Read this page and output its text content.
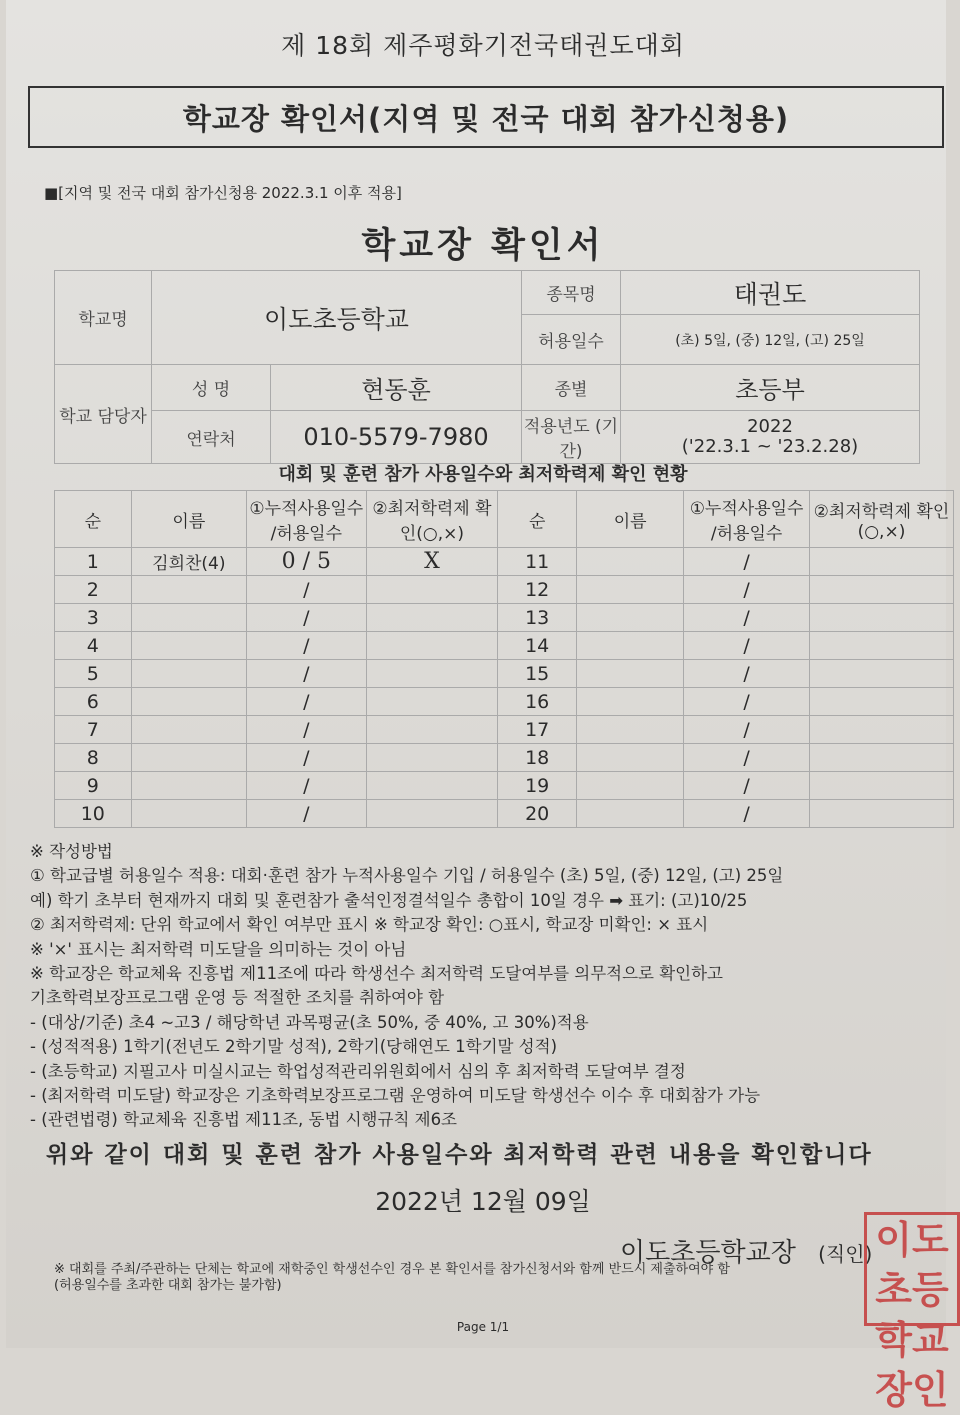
제 18회 제주평화기전국태권도대회
학교장 확인서(지역 및 전국 대회 참가신청용)
■[지역 및 전국 대회 참가신청용 2022.3.1 이후 적용]
학교장 확인서
학교명	이도초등학교		종목명	태권도
			허용일수	(초) 5일, (중) 12일, (고) 25일
학교 담당자	성 명	현동훈	종별	초등부
	연락처	010-5579-7980	적용년도 (기간)	2022
('22.3.1 ~ '23.2.28)
대회 및 훈련 참가 사용일수와 최저학력제 확인 현황
순	이름	①누적사용일수 /허용일수	②최저학력제 확인(○,×)	순	이름	①누적사용일수 /허용일수	②최저학력제 확인(○,×)
1	김희찬(4)	0 / 5	X	11		/	
2		/		12		/	
3		/		13		/	
4		/		14		/	
5		/		15		/	
6		/		16		/	
7		/		17		/	
8		/		18		/	
9		/		19		/	
10		/		20		/	
※ 작성방법
① 학교급별 허용일수 적용: 대회·훈련 참가 누적사용일수 기입 / 허용일수 (초) 5일, (중) 12일, (고) 25일
예) 학기 초부터 현재까지 대회 및 훈련참가 출석인정결석일수 총합이 10일 경우 ➡ 표기: (고)10/25
② 최저학력제: 단위 학교에서 확인 여부만 표시 ※ 학교장 확인: ○표시, 학교장 미확인: × 표시
※ '×' 표시는 최저학력 미도달을 의미하는 것이 아님
※ 학교장은 학교체육 진흥법 제11조에 따라 학생선수 최저학력 도달여부를 의무적으로 확인하고
기초학력보장프로그램 운영 등 적절한 조치를 취하여야 함
- (대상/기준) 초4 ~고3 / 해당학년 과목평균(초 50%, 중 40%, 고 30%)적용
- (성적적용) 1학기(전년도 2학기말 성적), 2학기(당해연도 1학기말 성적)
- (초등학교) 지필고사 미실시교는 학업성적관리위원회에서 심의 후 최저학력 도달여부 결정
- (최저학력 미도달) 학교장은 기초학력보장프로그램 운영하여 미도달 학생선수 이수 후 대회참가 가능
- (관련법령) 학교체육 진흥법 제11조, 동법 시행규칙 제6조
위와 같이 대회 및 훈련 참가 사용일수와 최저학력 관련 내용을 확인합니다
2022년 12월 09일
이도초등학교장 (직인) 이도초등학교장인
※ 대회를 주최/주관하는 단체는 학교에 재학중인 학생선수인 경우 본 확인서를 참가신청서와 함께 반드시 제출하여야 함
(허용일수를 초과한 대회 참가는 불가함)
Page 1/1
